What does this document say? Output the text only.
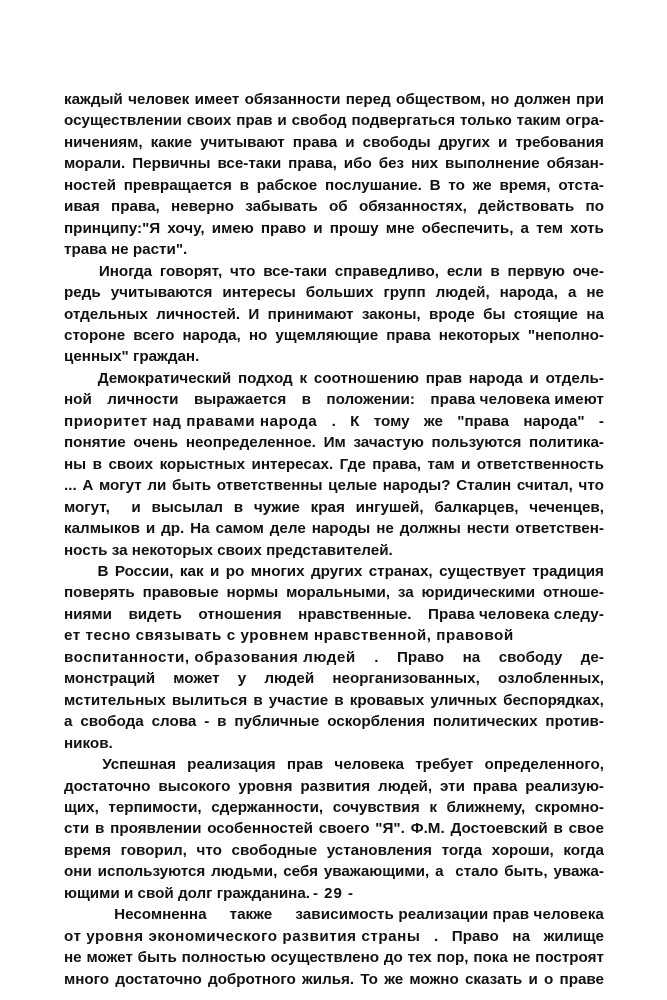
каждый человек имеет обязанности перед обществом, но должен при
осуществлении своих прав и свобод подвергаться только таким огра-
ничениям, какие учитывают права и свободы других и требования
морали. Первичны все-таки права, ибо без них выполнение обязан-
ностей превращается в рабское послушание. В то же время, отста-
ивая права, неверно забывать об обязанностях, действовать по
принципу:"Я хочу, имею право и прошу мне обеспечить, а тем хоть
трава не расти".
Иногда говорят, что все-таки справедливо, если в первую оче-
редь учитываются интересы больших групп людей, народа, а не
отдельных личностей. И принимают законы, вроде бы стоящие на
стороне всего народа, но ущемляющие права некоторых "неполно-
ценных" граждан.
Демократический подход к соотношению прав народа и отдель-
ной личности выражается в положении: права человека имеют
приоритет над правами народа . К тому же "права народа" -
понятие очень неопределенное. Им зачастую пользуются политика-
ны в своих корыстных интересах. Где права, там и ответственность
... А могут ли быть ответственны целые народы? Сталин считал, что
могут, и высылал в чужие края ингушей, балкарцев, чеченцев,
калмыков и др. На самом деле народы не должны нести ответствен-
ность за некоторых своих представителей.
В России, как и ро многих других странах, существует традиция
поверять правовые нормы моральными, за юридическими отноше-
ниями видеть отношения нравственные. Права человека следу-
ет тесно связывать с уровнем нравственной, правовой
воспитанности, образования людей . Право на свободу де-
монстраций может у людей неорганизованных, озлобленных,
мстительных вылиться в участие в кровавых уличных беспорядках,
а свобода слова - в публичные оскорбления политических против-
ников.
Успешная реализация прав человека требует определенного,
достаточно высокого уровня развития людей, эти права реализую-
щих, терпимости, сдержанности, сочувствия к ближнему, скромно-
сти в проявлении особенностей своего "Я". Ф.М. Достоевский в свое
время говорил, что свободные установления тогда хороши, когда
они используются людьми, себя уважающими, а стало быть, уважа-
ющими и свой долг гражданина.
Несомненна также зависимость реализации прав человека
от уровня экономического развития страны . Право на жилище
не может быть полностью осуществлено до тех пор, пока не построят
много достаточно добротного жилья. То же можно сказать и о праве
- 29 -
